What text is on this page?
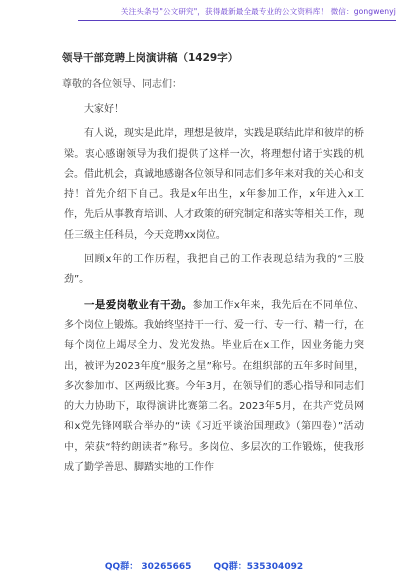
关注头条号"公文研究"，获得最新最全最专业的公文资料库！ 微信：gongwenyj
领导干部竞聘上岗演讲稿（1429字）
尊敬的各位领导、同志们：

大家好！

有人说，现实是此岸，理想是彼岸，实践是联结此岸和彼岸的桥梁。衷心感谢领导为我们提供了这样一次，将理想付诸于实践的机会。借此机会，真诚地感谢各位领导和同志们多年来对我的关心和支持！首先介绍下自己。我是x年出生，x年参加工作，x年进入x工作，先后从事教育培训、人才政策的研究制定和落实等相关工作，现任三级主任科员，今天竞聘xx岗位。

回顾x年的工作历程，我把自己的工作表现总结为我的“三股劲”。

一是爱岗敬业有干劲。参加工作x年来，我先后在不同单位、多个岗位上锻炼。我始终坚持干一行、爱一行、专一行、精一行，在每个岗位上竭尽全力、发光发热。毕业后在x工作，因业务能力突出，被评为2023年度“服务之星”称号。在组织部的五年多时间里，多次参加市、区两级比赛。今年3月，在领导们的悉心指导和同志们的大力协助下，取得演讲比赛第二名。2023年5月，在共产党员网和x党先锋网联合举办的“读《习近平谈治国理政》（第四卷）”活动中，荣获“特约朗读者”称号。多岗位、多层次的工作锻炼，使我形成了勤学善思、脚踏实地的工作作

QQ群： 30265665 QQ群：535304092
